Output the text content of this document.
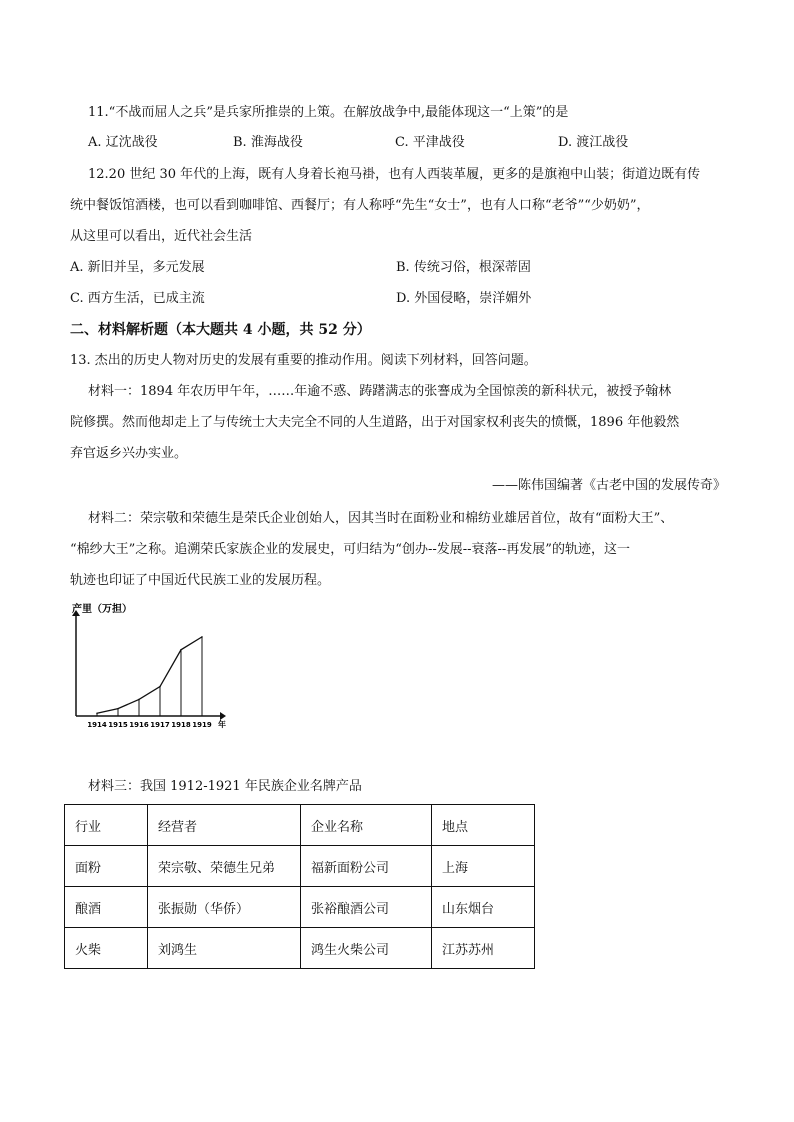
11.“不战而屈人之兵”是兵家所推崇的上策。在解放战争中,最能体现这一“上策”的是
A. 辽沈战役	B. 淮海战役	C. 平津战役	D. 渡江战役
12.20 世纪 30 年代的上海，既有人身着长袍马褂，也有人西装革履，更多的是旗袍中山装；街道边既有传
统中餐饭馆酒楼，也可以看到咖啡馆、西餐厅；有人称呼“先生“女士”，也有人口称“老爷”“少奶奶”，
从这里可以看出，近代社会生活
A. 新旧并呈，多元发展	B. 传统习俗，根深蒂固
C. 西方生活，已成主流	D. 外国侵略，崇洋媚外
二、材料解析题（本大题共 4 小题，共 52 分）
13. 杰出的历史人物对历史的发展有重要的推动作用。阅读下列材料，回答问题。
材料一：1894 年农历甲午年，……年逾不惑、踌躇满志的张謇成为全国惊羡的新科状元，被授予翰林
院修撰。然而他却走上了与传统士大夫完全不同的人生道路，出于对国家权利丧失的愤慨，1896 年他毅然
弃官返乡兴办实业。
——陈伟国编著《古老中国的发展传奇》
材料二：荣宗敬和荣德生是荣氏企业创始人，因其当时在面粉业和棉纺业雄居首位，故有“面粉大王”、
“棉纱大王”之称。追溯荣氏家族企业的发展史，可归结为“创办--发展--衰落--再发展”的轨迹，这一
轨迹也印证了中国近代民族工业的发展历程。
产里（万担）
1914 1915 1916 1917 1918 1919 年
材料三：我国 1912-1921 年民族企业名牌产品
行业	经营者	企业名称	地点
面粉	荣宗敬、荣德生兄弟	福新面粉公司	上海
酿酒	张振勋（华侨）	张裕酿酒公司	山东烟台
火柴	刘鸿生	鸿生火柴公司	江苏苏州
